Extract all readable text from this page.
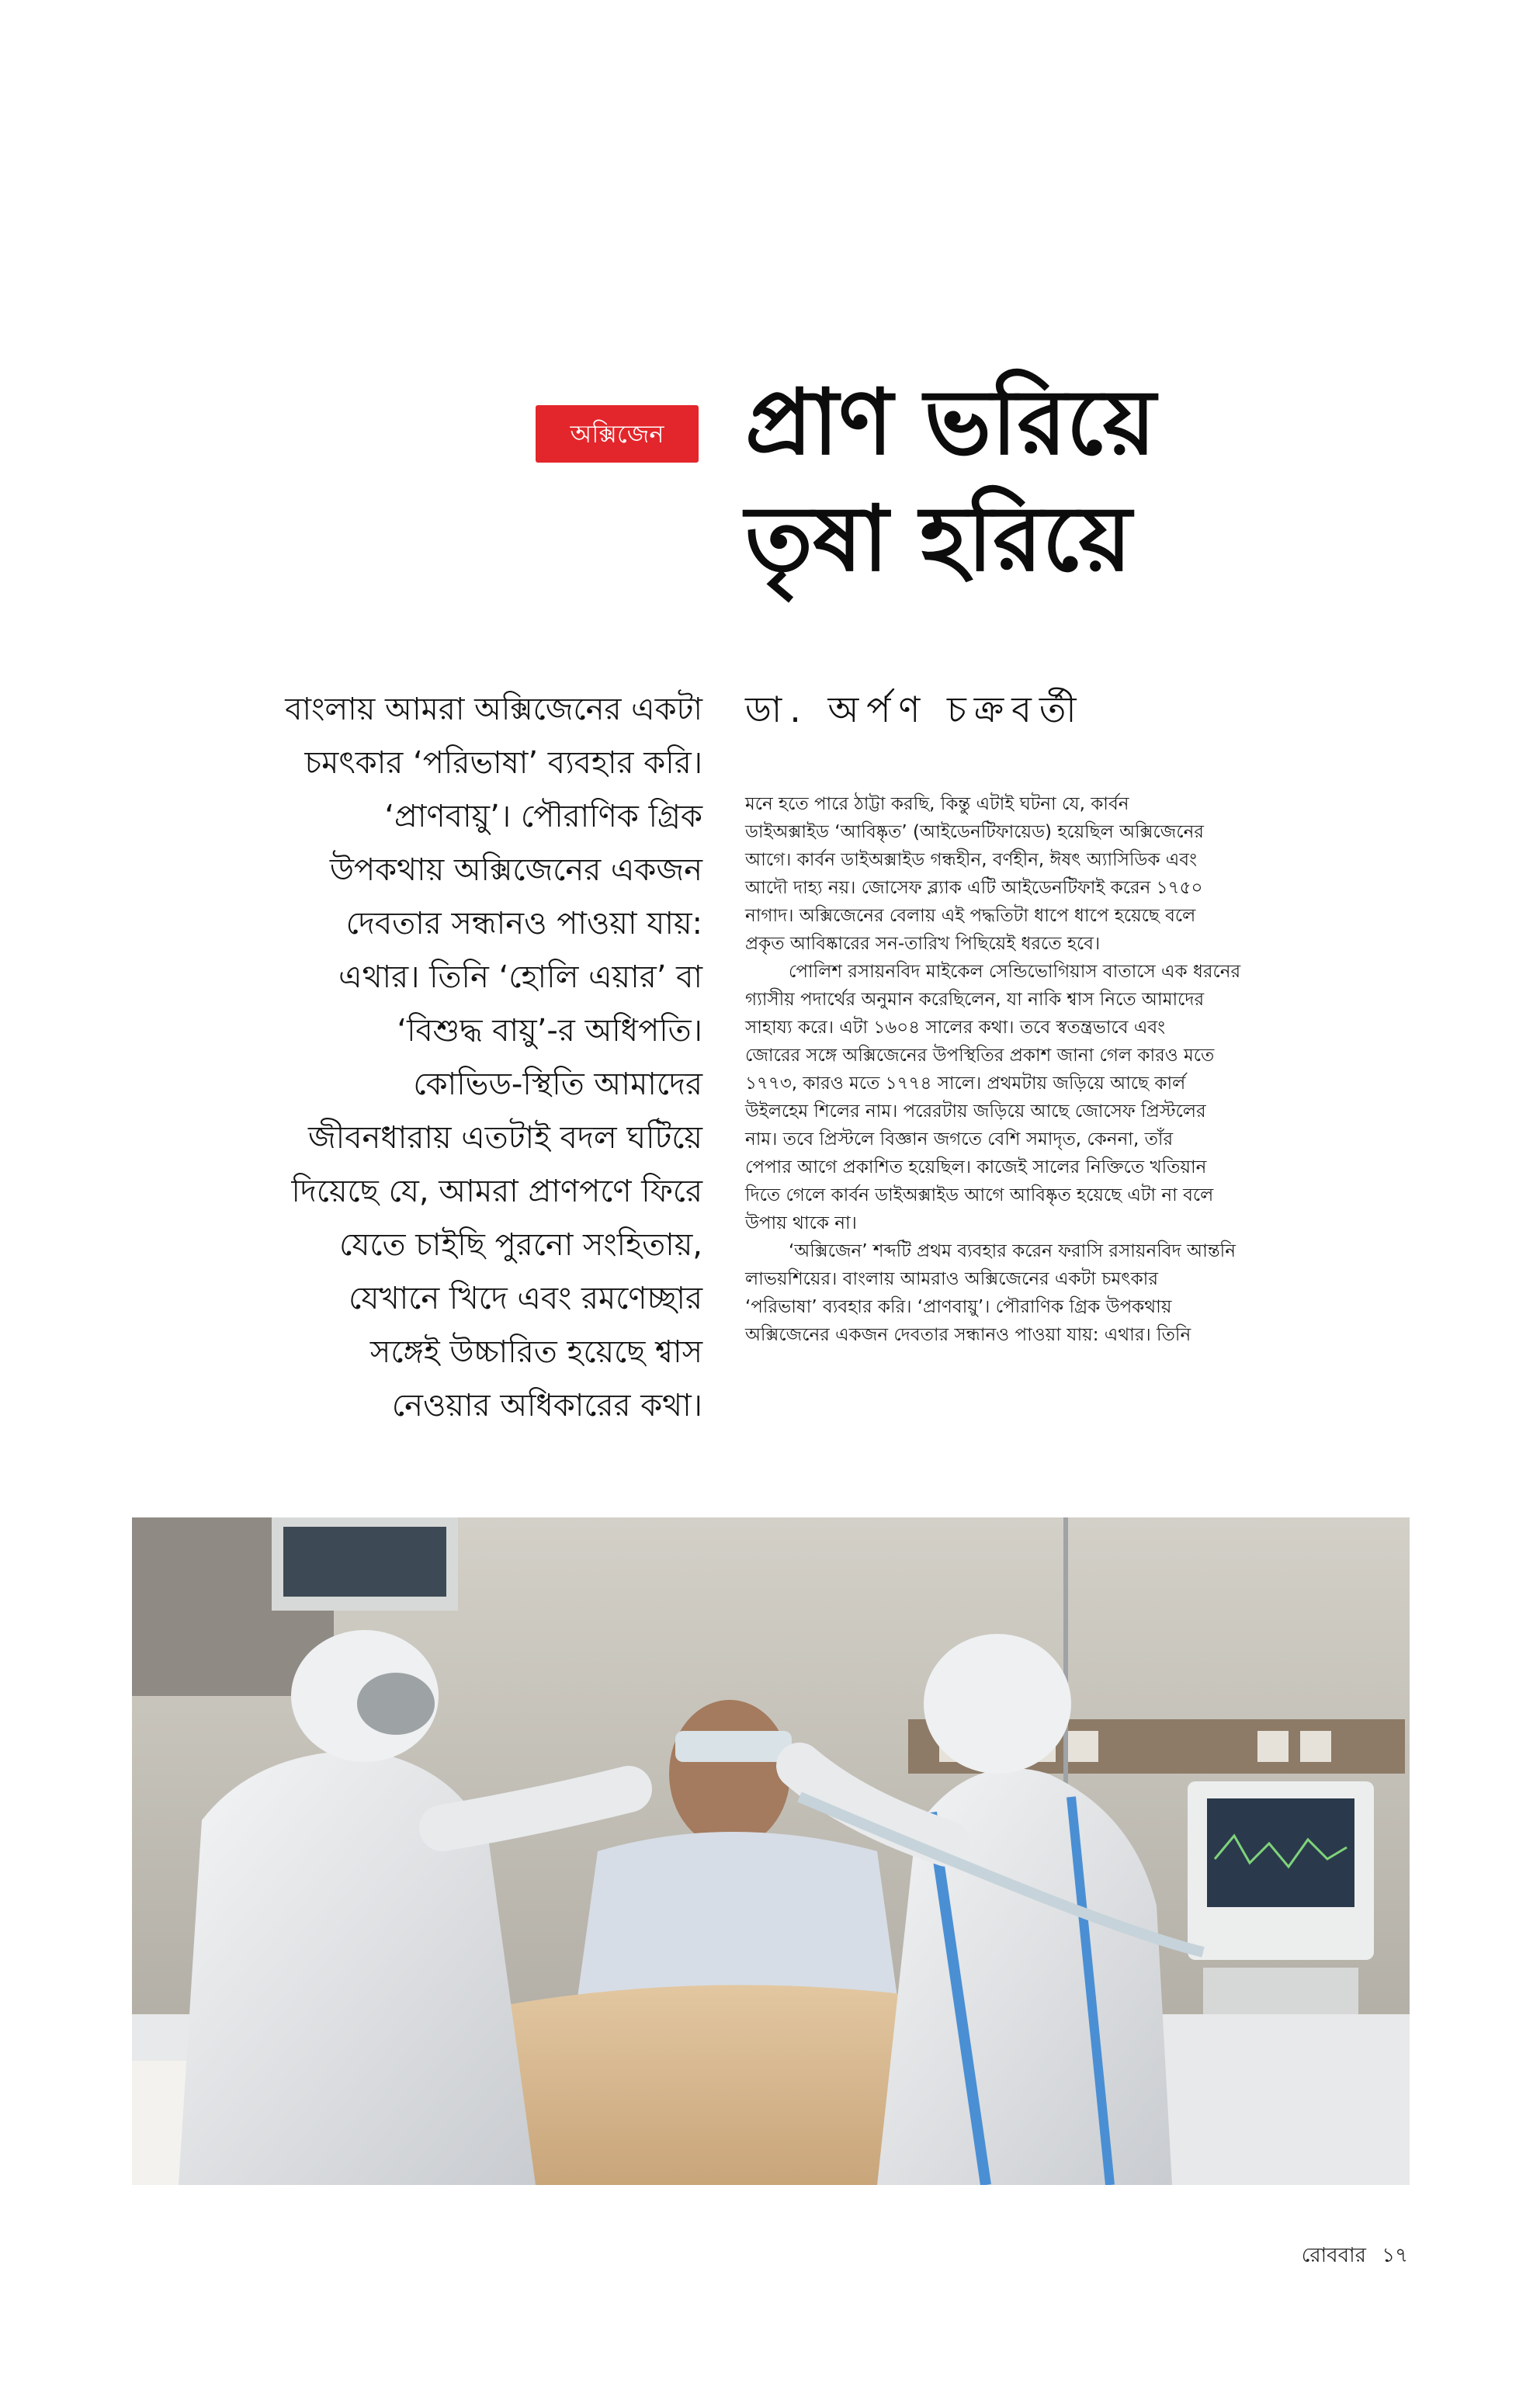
অক্সিজেন প্রাণ ভরিয়ে
তৃষা হরিয়ে
ডা. অর্পণ চক্রবর্তী
বাংলায় আমরা অক্সিজেনের একটা
চমৎকার ‘পরিভাষা’ ব্যবহার করি।
‘প্রাণবায়ু’। পৌরাণিক গ্রিক
উপকথায় অক্সিজেনের একজন
দেবতার সন্ধানও পাওয়া যায়:
এথার। তিনি ‘হোলি এয়ার’ বা
‘বিশুদ্ধ বায়ু’-র অধিপতি।
কোভিড-স্থিতি আমাদের
জীবনধারায় এতটাই বদল ঘটিয়ে
দিয়েছে যে, আমরা প্রাণপণে ফিরে
যেতে চাইছি পুরনো সংহিতায়,
যেখানে খিদে এবং রমণেচ্ছার
সঙ্গেই উচ্চারিত হয়েছে শ্বাস
নেওয়ার অধিকারের কথা।
মনে হতে পারে ঠাট্টা করছি, কিন্তু এটাই ঘটনা যে, কার্বন
ডাইঅক্সাইড ‘আবিষ্কৃত’ (আইডেনটিফায়েড) হয়েছিল অক্সিজেনের
আগে। কার্বন ডাইঅক্সাইড গন্ধহীন, বর্ণহীন, ঈষৎ অ্যাসিডিক এবং
আদৌ দাহ্য নয়। জোসেফ ব্ল্যাক এটি আইডেনটিফাই করেন ১৭৫০
নাগাদ। অক্সিজেনের বেলায় এই পদ্ধতিটা ধাপে ধাপে হয়েছে বলে
প্রকৃত আবিষ্কারের সন-তারিখ পিছিয়েই ধরতে হবে।
পোলিশ রসায়নবিদ মাইকেল সেন্ডিভোগিয়াস বাতাসে এক ধরনের
গ্যাসীয় পদার্থের অনুমান করেছিলেন, যা নাকি শ্বাস নিতে আমাদের
সাহায্য করে। এটা ১৬০৪ সালের কথা। তবে স্বতন্ত্রভাবে এবং
জোরের সঙ্গে অক্সিজেনের উপস্থিতির প্রকাশ জানা গেল কারও মতে
১৭৭৩, কারও মতে ১৭৭৪ সালে। প্রথমটায় জড়িয়ে আছে কার্ল
উইলহেম শিলের নাম। পরেরটায় জড়িয়ে আছে জোসেফ প্রিস্টলের
নাম। তবে প্রিস্টলে বিজ্ঞান জগতে বেশি সমাদৃত, কেননা, তাঁর
পেপার আগে প্রকাশিত হয়েছিল। কাজেই সালের নিক্তিতে খতিয়ান
দিতে গেলে কার্বন ডাইঅক্সাইড আগে আবিষ্কৃত হয়েছে এটা না বলে
উপায় থাকে না।
‘অক্সিজেন’ শব্দটি প্রথম ব্যবহার করেন ফরাসি রসায়নবিদ আন্তনি
লাভয়শিয়ের। বাংলায় আমরাও অক্সিজেনের একটা চমৎকার
‘পরিভাষা’ ব্যবহার করি। ‘প্রাণবায়ু’। পৌরাণিক গ্রিক উপকথায়
অক্সিজেনের একজন দেবতার সন্ধানও পাওয়া যায়: এথার। তিনি
রোববার ১৭
